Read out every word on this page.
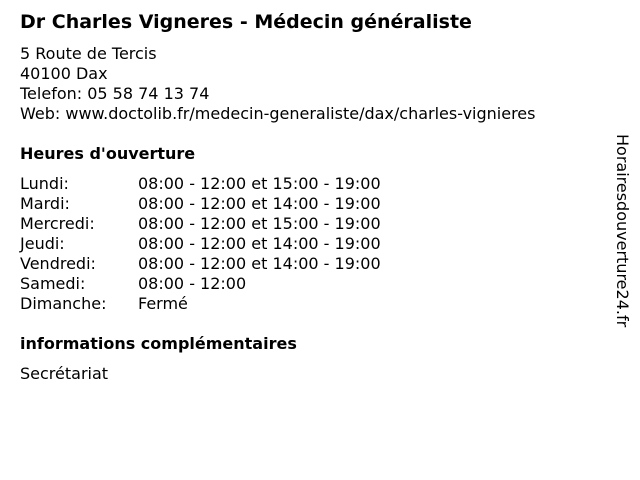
Dr Charles Vigneres - Médecin généraliste
5 Route de Tercis
40100 Dax
Telefon: 05 58 74 13 74
Web: www.doctolib.fr/medecin-generaliste/dax/charles-vignieres
Heures d'ouverture
Lundi:	08:00 - 12:00 et 15:00 - 19:00
Mardi:	08:00 - 12:00 et 14:00 - 19:00
Mercredi:	08:00 - 12:00 et 15:00 - 19:00
Jeudi:	08:00 - 12:00 et 14:00 - 19:00
Vendredi:	08:00 - 12:00 et 14:00 - 19:00
Samedi:	08:00 - 12:00
Dimanche:	Fermé
informations complémentaires
Secrétariat
Horairesdouverture24.fr
